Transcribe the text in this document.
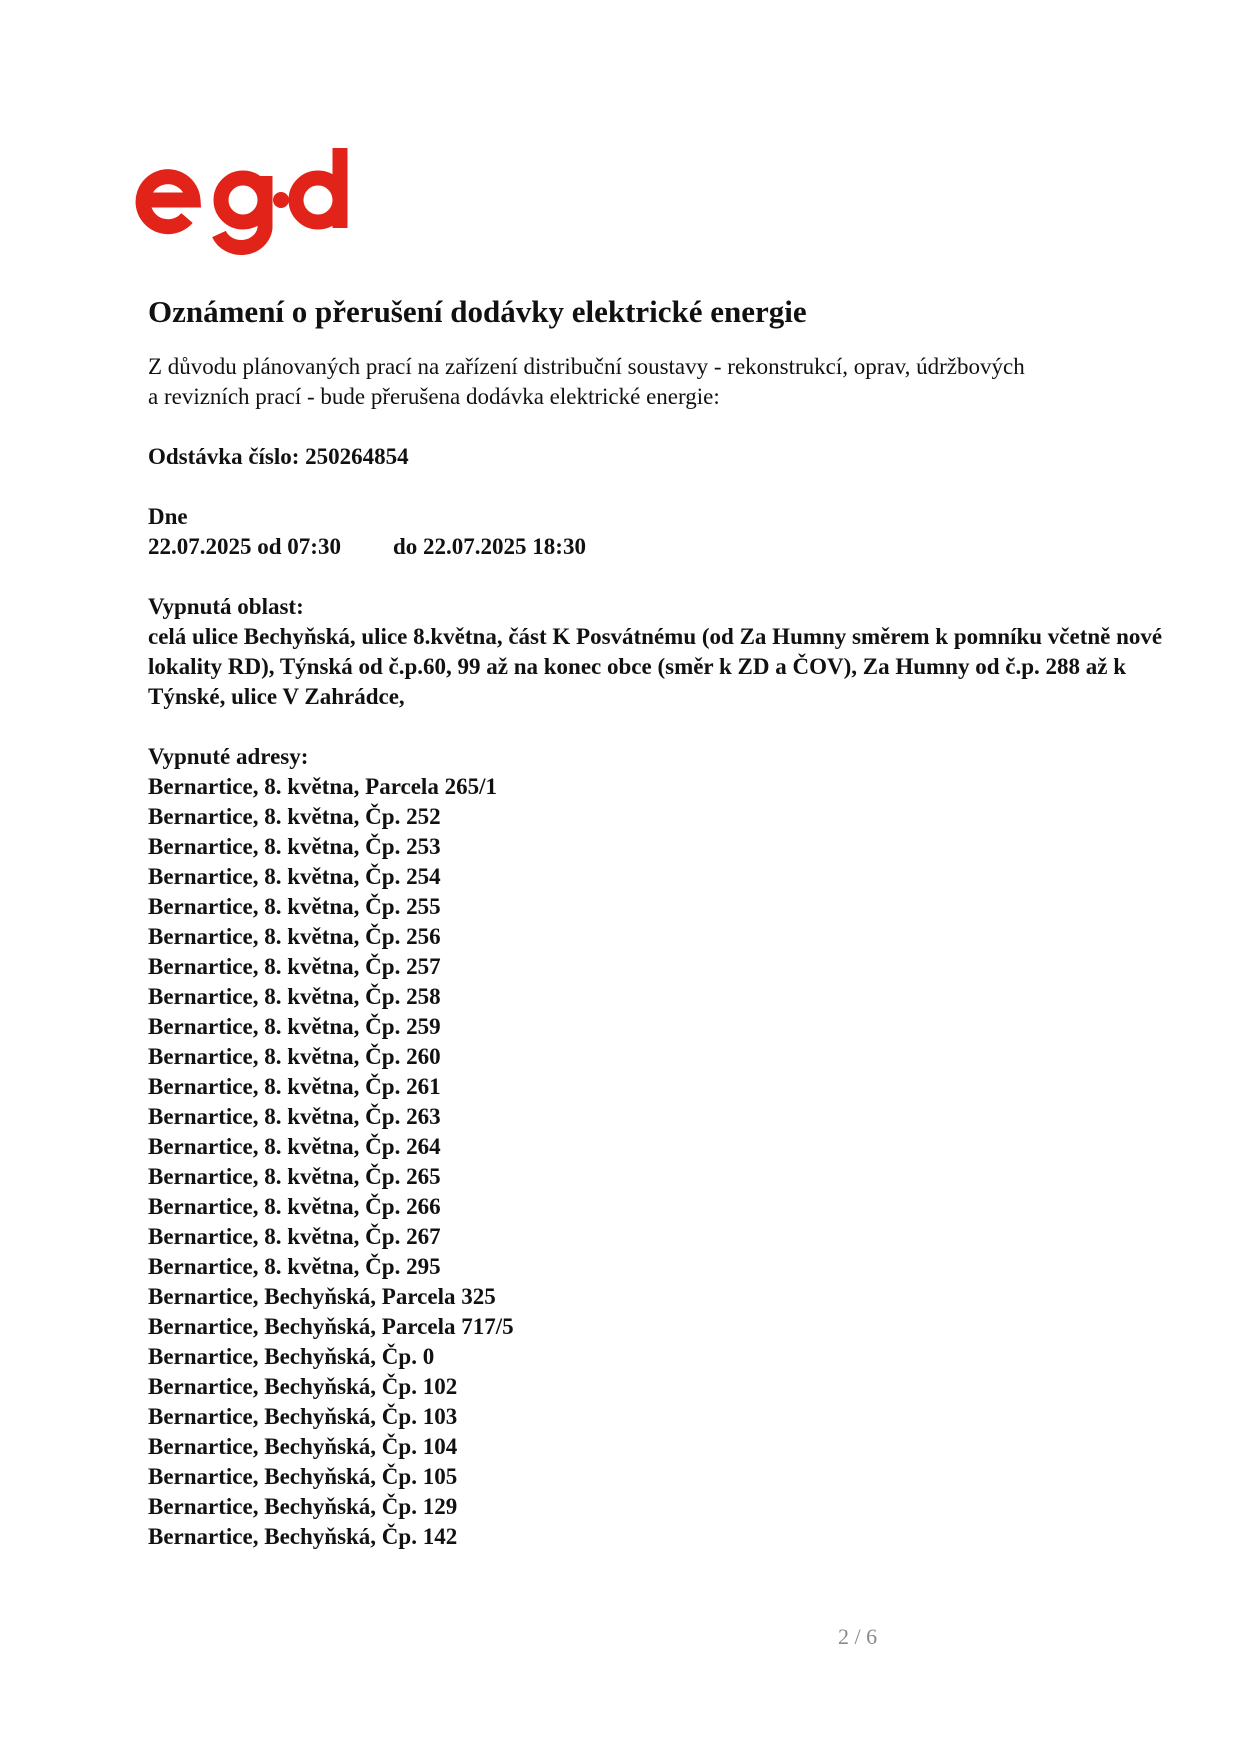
Oznámení o přerušení dodávky elektrické energie
Z důvodu plánovaných prací na zařízení distribuční soustavy - rekonstrukcí, oprav, údržbových a revizních prací - bude přerušena dodávka elektrické energie:
Odstávka číslo: 250264854
Dne
22.07.2025 od 07:30	do 22.07.2025 18:30
Vypnutá oblast:
celá ulice Bechyňská, ulice 8.května, část K Posvátnému (od Za Humny směrem k pomníku včetně nové lokality RD), Týnská od č.p.60, 99 až na konec obce (směr k ZD a ČOV), Za Humny od č.p. 288 až k Týnské, ulice V Zahrádce,
Vypnuté adresy:
Bernartice, 8. května, Parcela 265/1
Bernartice, 8. května, Čp. 252
Bernartice, 8. května, Čp. 253
Bernartice, 8. května, Čp. 254
Bernartice, 8. května, Čp. 255
Bernartice, 8. května, Čp. 256
Bernartice, 8. května, Čp. 257
Bernartice, 8. května, Čp. 258
Bernartice, 8. května, Čp. 259
Bernartice, 8. května, Čp. 260
Bernartice, 8. května, Čp. 261
Bernartice, 8. května, Čp. 263
Bernartice, 8. května, Čp. 264
Bernartice, 8. května, Čp. 265
Bernartice, 8. května, Čp. 266
Bernartice, 8. května, Čp. 267
Bernartice, 8. května, Čp. 295
Bernartice, Bechyňská, Parcela 325
Bernartice, Bechyňská, Parcela 717/5
Bernartice, Bechyňská, Čp. 0
Bernartice, Bechyňská, Čp. 102
Bernartice, Bechyňská, Čp. 103
Bernartice, Bechyňská, Čp. 104
Bernartice, Bechyňská, Čp. 105
Bernartice, Bechyňská, Čp. 129
Bernartice, Bechyňská, Čp. 142
2 / 6
